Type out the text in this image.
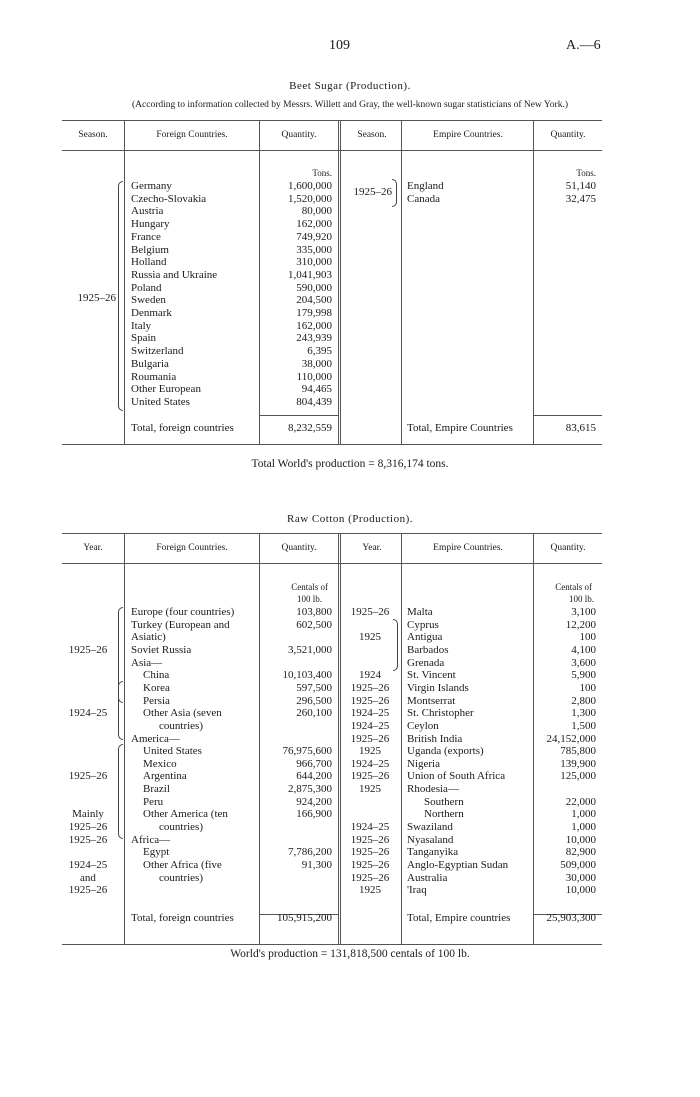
109	A.—6
Beet Sugar (Production).
(According to information collected by Messrs. Willett and Gray, the well-known sugar statisticians of New York.)
Season.	Foreign Countries.	Quantity.	Season.	Empire Countries.	Quantity.
Tons.	Tons.
1925–26
Germany	1,600,000
Czecho-Slovakia	1,520,000
Austria	80,000
Hungary	162,000
France	749,920
Belgium	335,000
Holland	310,000
Russia and Ukraine	1,041,903
Poland	590,000
Sweden	204,500
Denmark	179,998
Italy	162,000
Spain	243,939
Switzerland	6,395
Bulgaria	38,000
Roumania	110,000
Other European	94,465
United States	804,439
1925–26 England	51,140
Canada	32,475
Total, foreign countries	8,232,559	Total, Empire Countries	83,615
Total World's production = 8,316,174 tons.
Raw Cotton (Production).
Year.	Foreign Countries.	Quantity.	Year.	Empire Countries.	Quantity.
Centals of
100 lb.
Centals of
100 lb.
Europe (four countries)	103,800
Turkey (European and	602,500
Asiatic)
1925–26	Soviet Russia	3,521,000
Asia—
China	10,103,400
Korea	597,500
Persia	296,500
1924–25	Other Asia (seven	260,100
countries)
America—
United States	76,975,600
Mexico	966,700
1925–26	Argentina	644,200
Brazil	2,875,300
Peru	924,200
Mainly	Other America (ten	166,900
1925–26	countries)
1925–26	Africa—
Egypt	7,786,200
1924–25	Other Africa (five	91,300
and	countries)
1925–26
1925–26	Malta	3,100
Cyprus	12,200
1925	Antigua	100
Barbados	4,100
Grenada	3,600
1924	St. Vincent	5,900
1925–26	Virgin Islands	100
1925–26	Montserrat	2,800
1924–25	St. Christopher	1,300
1924–25	Ceylon	1,500
1925–26	British India	24,152,000
1925	Uganda (exports)	785,800
1924–25	Nigeria	139,900
1925–26	Union of South Africa	125,000
1925	Rhodesia—
Southern	22,000
Northern	1,000
1924–25	Swaziland	1,000
1925–26	Nyasaland	10,000
1925–26	Tanganyika	82,900
1925–26	Anglo-Egyptian Sudan	509,000
1925–26	Australia	30,000
1925	'Iraq	10,000
Total, foreign countries	105,915,200	Total, Empire countries	25,903,300
World's production = 131,818,500 centals of 100 lb.
